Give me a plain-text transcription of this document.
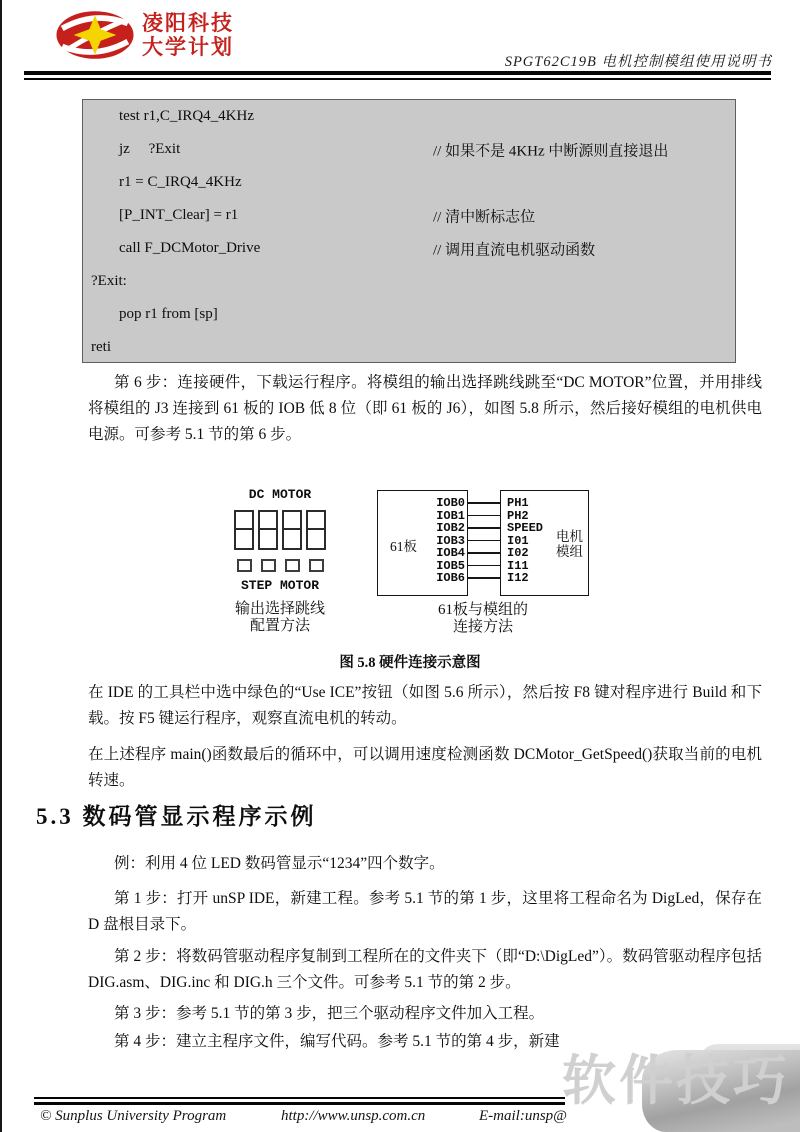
凌阳科技
大学计划
SPGT62C19B 电机控制模组使用说明书
test r1,C_IRQ4_4KHz
jz     ?Exit	// 如果不是 4KHz 中断源则直接退出
r1 = C_IRQ4_4KHz
[P_INT_Clear] = r1	// 清中断标志位
call F_DCMotor_Drive	// 调用直流电机驱动函数
?Exit:
pop r1 from [sp]
reti
第 6 步：连接硬件，下载运行程序。将模组的输出选择跳线跳至“DC MOTOR”位置，并用排线将模组的 J3 连接到 61 板的 IOB 低 8 位（即 61 板的 J6），如图 5.8 所示，然后接好模组的电机供电电源。可参考 5.1 节的第 6 步。
DC MOTOR
STEP MOTOR
输出选择跳线
配置方法
61板
IOB0
IOB1
IOB2
IOB3
IOB4
IOB5
IOB6
PH1
PH2
SPEED
I01
I02
I11
I12
电机
模组
61板与模组的
连接方法
图 5.8 硬件连接示意图
在 IDE 的工具栏中选中绿色的“Use ICE”按钮（如图 5.6 所示），然后按 F8 键对程序进行 Build 和下载。按 F5 键运行程序，观察直流电机的转动。
在上述程序 main()函数最后的循环中，可以调用速度检测函数 DCMotor_GetSpeed()获取当前的电机转速。
5.3 数码管显示程序示例
例：利用 4 位 LED 数码管显示“1234”四个数字。
第 1 步：打开 unSP IDE，新建工程。参考 5.1 节的第 1 步，这里将工程命名为 DigLed，保存在 D 盘根目录下。
第 2 步：将数码管驱动程序复制到工程所在的文件夹下（即“D:\DigLed”）。数码管驱动程序包括 DIG.asm、DIG.inc 和 DIG.h 三个文件。可参考 5.1 节的第 2 步。
第 3 步：参考 5.1 节的第 3 步，把三个驱动程序文件加入工程。
第 4 步：建立主程序文件，编写代码。参考 5.1 节的第 4 步，新建
软件技巧
© Sunplus University Program	http://www.unsp.com.cn	E-mail:unsp@
